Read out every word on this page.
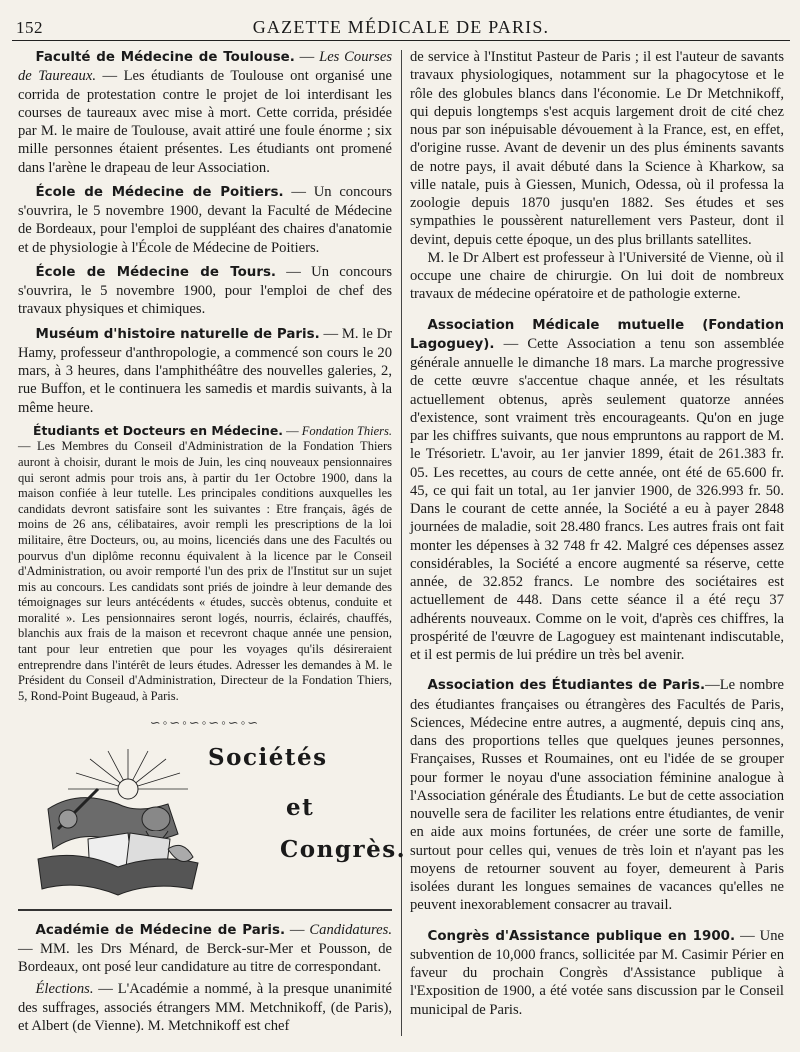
152	GAZETTE MÉDICALE DE PARIS.

Faculté de Médecine de Toulouse. — Les Courses de Taureaux. — Les étudiants de Toulouse ont organisé une corrida de protestation contre le projet de loi interdisant les courses de taureaux avec mise à mort. Cette corrida, présidée par M. le maire de Toulouse, avait attiré une foule énorme ; six mille personnes étaient présentes. Les étudiants ont promené dans l'arène le drapeau de leur Association.

École de Médecine de Poitiers. — Un concours s'ouvrira, le 5 novembre 1900, devant la Faculté de Médecine de Bordeaux, pour l'emploi de suppléant des chaires d'anatomie et de physiologie à l'École de Médecine de Poitiers.

École de Médecine de Tours. — Un concours s'ouvrira, le 5 novembre 1900, pour l'emploi de chef des travaux physiques et chimiques.

Muséum d'histoire naturelle de Paris. — M. le Dr Hamy, professeur d'anthropologie, a commencé son cours le 20 mars, à 3 heures, dans l'amphithéâtre des nouvelles galeries, 2, rue Buffon, et le continuera les samedis et mardis suivants, à la même heure.

Étudiants et Docteurs en Médecine. — Fondation Thiers. — Les Membres du Conseil d'Administration de la Fondation Thiers auront à choisir, durant le mois de Juin, les cinq nouveaux pensionnaires qui seront admis pour trois ans, à partir du 1er Octobre 1900, dans la maison confiée à leur tutelle. Les principales conditions auxquelles les candidats devront satisfaire sont les suivantes : Etre français, âgés de moins de 26 ans, célibataires, avoir rempli les prescriptions de la loi militaire, être Docteurs, ou, au moins, licenciés dans une des Facultés ou pourvus d'un diplôme reconnu équivalent à la licence par le Conseil d'Administration, ou avoir remporté l'un des prix de l'Institut sur un sujet mis au concours. Les candidats sont priés de joindre à leur demande des témoignages sur leurs antécédents « études, succès obtenus, conduite et moralité ». Les pensionnaires seront logés, nourris, éclairés, chauffés, blanchis aux frais de la maison et recevront chaque année une pension, tant pour leur entretien que pour les voyages qu'ils désireraient entreprendre dans l'intérêt de leurs études. Adresser les demandes à M. le Président du Conseil d'Administration, Directeur de la Fondation Thiers, 5, Rond-Point Bugeaud, à Paris.

∽◦∽◦∽◦∽◦∽◦∽
Sociétés
et
Congrès.

Académie de Médecine de Paris. — Candidatures. — MM. les Drs Ménard, de Berck-sur-Mer et Pousson, de Bordeaux, ont posé leur candidature au titre de correspondant.

Élections. — L'Académie a nommé, à la presque unanimité des suffrages, associés étrangers MM. Metchnikoff, (de Paris), et Albert (de Vienne). M. Metchnikoff est chef

de service à l'Institut Pasteur de Paris ; il est l'auteur de savants travaux physiologiques, notamment sur la phagocytose et le rôle des globules blancs dans l'économie. Le Dr Metchnikoff, qui depuis longtemps s'est acquis largement droit de cité chez nous par son inépuisable dévouement à la France, est, en effet, d'origine russe. Avant de devenir un des plus éminents savants de notre pays, il avait débuté dans la Science à Kharkow, sa ville natale, puis à Giessen, Munich, Odessa, où il professa la zoologie depuis 1870 jusqu'en 1882. Ses études et ses sympathies le poussèrent naturellement vers Pasteur, dont il devint, depuis cette époque, un des plus brillants satellites.

M. le Dr Albert est professeur à l'Université de Vienne, où il occupe une chaire de chirurgie. On lui doit de nombreux travaux de médecine opératoire et de pathologie externe.

Association Médicale mutuelle (Fondation Lagoguey). — Cette Association a tenu son assemblée générale annuelle le dimanche 18 mars. La marche progressive de cette œuvre s'accentue chaque année, et les résultats actuellement obtenus, après seulement quatorze années d'existence, sont vraiment très encourageants. Qu'on en juge par les chiffres suivants, que nous empruntons au rapport de M. le Trésorietr. L'avoir, au 1er janvier 1899, était de 261.383 fr. 05. Les recettes, au cours de cette année, ont été de 65.600 fr. 45, ce qui fait un total, au 1er janvier 1900, de 326.993 fr. 50. Dans le courant de cette année, la Société a eu à payer 2848 journées de maladie, soit 28.480 francs. Les autres frais ont fait monter les dépenses à 32 748 fr 42. Malgré ces dépenses assez considérables, la Société a encore augmenté sa réserve, cette année, de 32.852 francs. Le nombre des sociétaires est actuellement de 448. Dans cette séance il a été reçu 37 adhérents nouveaux. Comme on le voit, d'après ces chiffres, la prospérité de l'œuvre de Lagoguey est maintenant indiscutable, et il est permis de lui prédire un très bel avenir.

Association des Étudiantes de Paris.—Le nombre des étudiantes françaises ou étrangères des Facultés de Paris, Sciences, Médecine entre autres, a augmenté, depuis cinq ans, dans des proportions telles que quelques jeunes personnes, Françaises, Russes et Roumaines, ont eu l'idée de se grouper pour former le noyau d'une association féminine analogue à l'Association générale des Étudiants. Le but de cette association nouvelle sera de faciliter les relations entre étudiantes, de venir en aide aux moins fortunées, de créer une sorte de famille, surtout pour celles qui, venues de très loin et n'ayant pas les moyens de retourner souvent au foyer, demeurent à Paris isolées durant les longues semaines de vacances qu'elles ne peuvent inexorablement consacrer au travail.

Congrès d'Assistance publique en 1900. — Une subvention de 10,000 francs, sollicitée par M. Casimir Périer en faveur du prochain Congrès d'Assistance publique à l'Exposition de 1900, a été votée sans discussion par le Conseil municipal de Paris.
